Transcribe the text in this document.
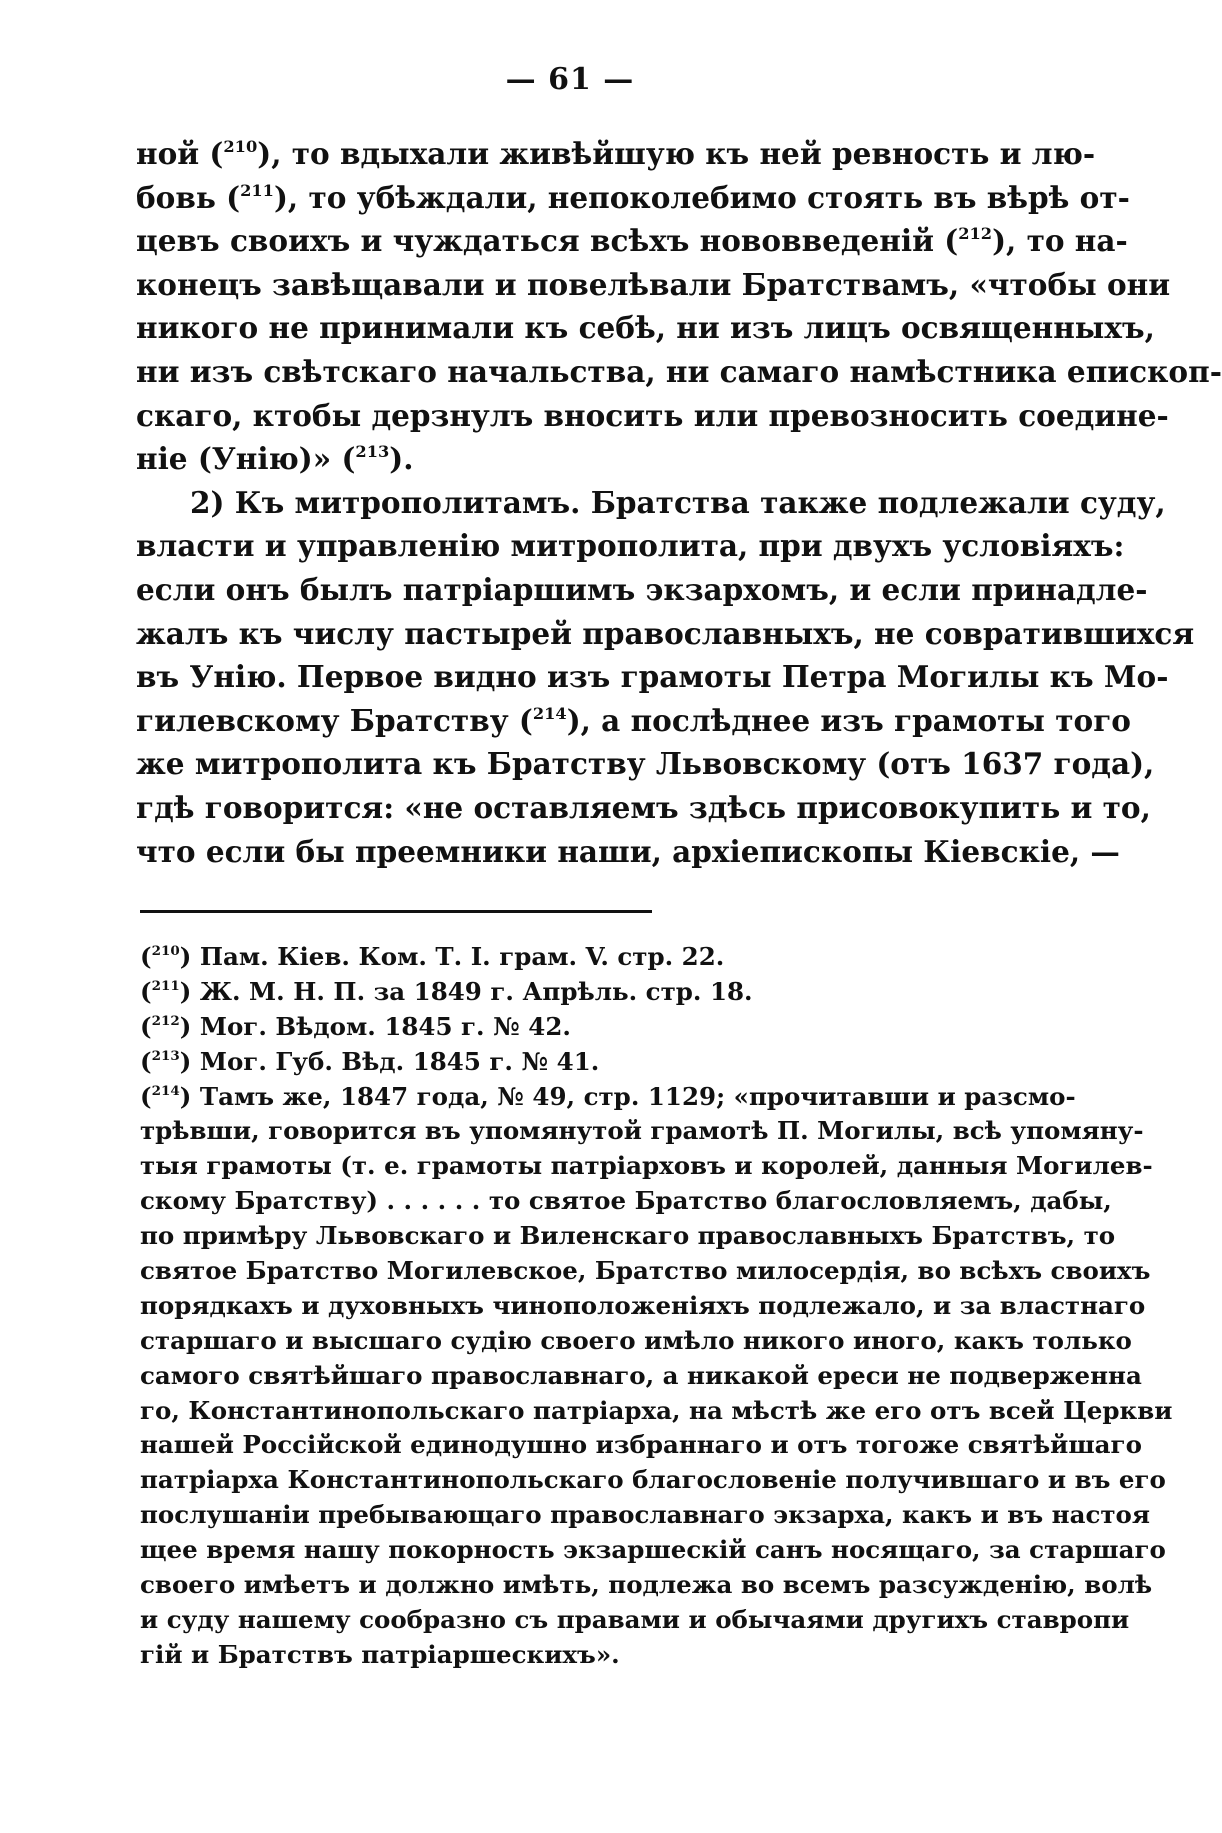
— 61 —
ной ($^{210}$), то вдыхали живѣйшую къ ней ревность и лю-
бовь ($^{211}$), то убѣждали, непоколебимо стоять въ вѣрѣ от-
цевъ своихъ и чуждаться всѣхъ нововведеній ($^{212}$), то на-
конецъ завѣщавали и повелѣвали Братствамъ, «чтобы они
никого не принимали къ себѣ, ни изъ лицъ освященныхъ,
ни изъ свѣтскаго начальства, ни самаго намѣстника епископ-
скаго, ктобы дерзнулъ вносить или превозносить соедине-
ніе (Унію)» ($^{213}$).
2) Къ митрополитамъ. Братства также подлежали суду,
власти и управленію митрополита, при двухъ условіяхъ:
если онъ былъ патріаршимъ экзархомъ, и если принадле-
жалъ къ числу пастырей православныхъ, не совратившихся
въ Унію. Первое видно изъ грамоты Петра Могилы къ Мо-
гилевскому Братству ($^{214}$), а послѣднее изъ грамоты того
же митрополита къ Братству Львовскому (отъ 1637 года),
гдѣ говорится: «не оставляемъ здѣсь присовокупить и то,
что если бы преемники наши, архіепископы Кіевскіе, —
($^{210}$) Пам. Кіев. Ком. Т. I. грам. V. стр. 22.
($^{211}$) Ж. М. Н. П. за 1849 г. Апрѣль. стр. 18.
($^{212}$) Мог. Вѣдом. 1845 г. № 42.
($^{213}$) Мог. Губ. Вѣд. 1845 г. № 41.
($^{214}$) Тамъ же, 1847 года, № 49, стр. 1129; «прочитавши и разсмо-
трѣвши, говорится въ упомянутой грамотѣ П. Могилы, всѣ упомяну-
тыя грамоты (т. е. грамоты патріарховъ и королей, данныя Могилев-
скому Братству) . . . . . . то святое Братство благословляемъ, дабы,
по примѣру Львовскаго и Виленскаго православныхъ Братствъ, то
святое Братство Могилевское, Братство милосердія, во всѣхъ своихъ
порядкахъ и духовныхъ чиноположеніяхъ подлежало, и за властнаго
старшаго и высшаго судію своего имѣло никого иного, какъ только
самого святѣйшаго православнаго, а никакой ереси не подверженна
го, Константинопольскаго патріарха, на мѣстѣ же его отъ всей Церкви
нашей Россійской единодушно избраннаго и отъ тогоже святѣйшаго
патріарха Константинопольскаго благословеніе получившаго и въ его
послушаніи пребывающаго православнаго экзарха, какъ и въ настоя
щее время нашу покорность экзаршескій санъ носящаго, за старшаго
своего имѣетъ и должно имѣть, подлежа во всемъ разсужденію, волѣ
и суду нашему сообразно съ правами и обычаями другихъ ставропи
гій и Братствъ патріаршескихъ».
